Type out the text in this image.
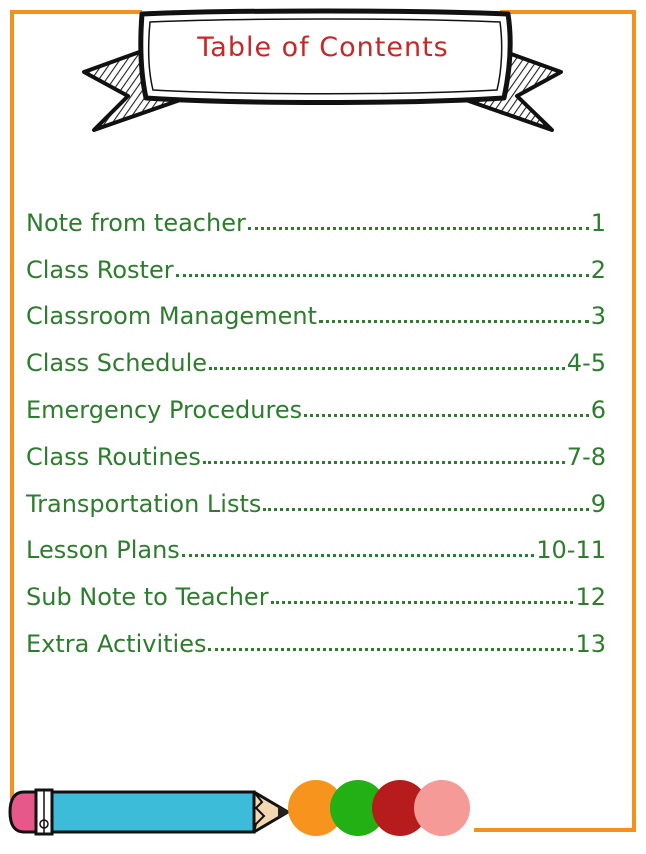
Table of Contents
Note from teacher	1
Class Roster	2
Classroom Management	3
Class Schedule	4-5
Emergency Procedures	6
Class Routines	7-8
Transportation Lists	9
Lesson Plans	10-11
Sub Note to Teacher	12
Extra Activities	13
